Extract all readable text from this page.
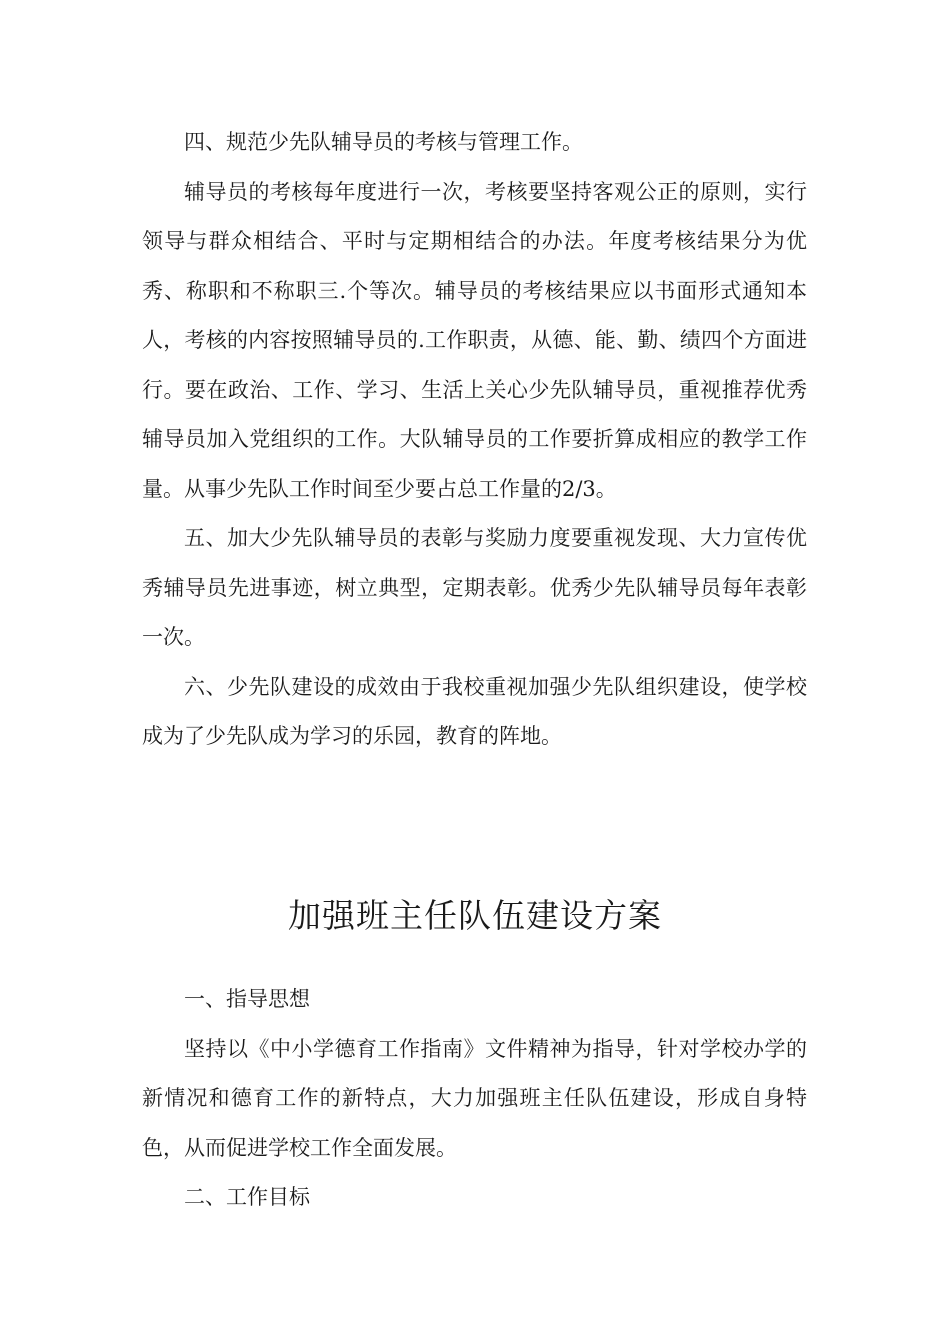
四、规范少先队辅导员的考核与管理工作。

辅导员的考核每年度进行一次，考核要坚持客观公正的原则，实行领导与群众相结合、平时与定期相结合的办法。年度考核结果分为优秀、称职和不称职三.个等次。辅导员的考核结果应以书面形式通知本人，考核的内容按照辅导员的.工作职责，从德、能、勤、绩四个方面进行。要在政治、工作、学习、生活上关心少先队辅导员，重视推荐优秀辅导员加入党组织的工作。大队辅导员的工作要折算成相应的教学工作量。从事少先队工作时间至少要占总工作量的2/3。

五、加大少先队辅导员的表彰与奖励力度要重视发现、大力宣传优秀辅导员先进事迹，树立典型，定期表彰。优秀少先队辅导员每年表彰一次。

六、少先队建设的成效由于我校重视加强少先队组织建设，使学校成为了少先队成为学习的乐园，教育的阵地。

加强班主任队伍建设方案

一、指导思想

坚持以《中小学德育工作指南》文件精神为指导，针对学校办学的新情况和德育工作的新特点，大力加强班主任队伍建设，形成自身特色，从而促进学校工作全面发展。

二、工作目标
